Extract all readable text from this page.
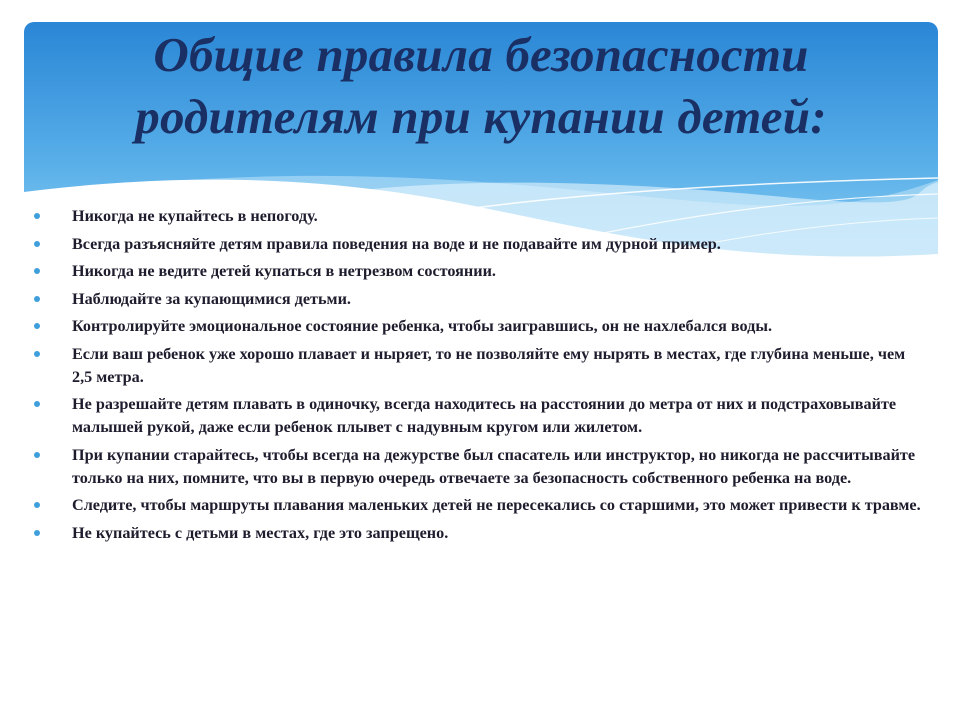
Общие правила безопасности
родителям при купании детей:
Никогда не купайтесь в непогоду.
Всегда разъясняйте детям правила поведения на воде и не подавайте им дурной пример.
Никогда не ведите детей купаться в нетрезвом состоянии.
Наблюдайте за купающимися детьми.
Контролируйте эмоциональное состояние ребенка, чтобы заигравшись, он не нахлебался воды.
Если ваш ребенок уже хорошо плавает и ныряет, то не позволяйте ему нырять в местах, где глубина меньше, чем 2,5 метра.
Не разрешайте детям плавать в одиночку, всегда находитесь на расстоянии до метра от них и подстраховывайте малышей рукой, даже если ребенок плывет с надувным кругом или жилетом.
При купании старайтесь, чтобы всегда на дежурстве был спасатель или инструктор, но никогда не рассчитывайте только на них, помните, что вы в первую очередь отвечаете за безопасность собственного ребенка на воде.
Следите, чтобы маршруты плавания маленьких детей не пересекались со старшими, это может привести к травме.
Не купайтесь с детьми в местах, где это запрещено.
